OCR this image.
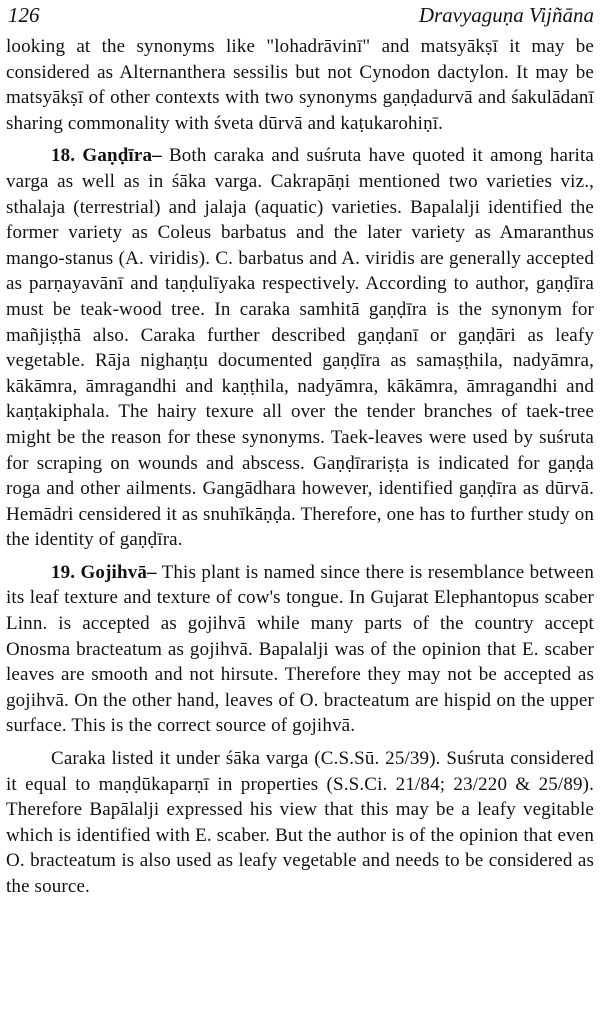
126	Dravyaguṇa Vijñāna

looking at the synonyms like "lohadrāvinī" and matsyākṣī it may be considered as Alternanthera sessilis but not Cynodon dactylon. It may be matsyākṣī of other contexts with two synonyms gaṇḍadurvā and śakulādanī sharing commonality with śveta dūrvā and kaṭukarohiṇī.

18. Gaṇḍīra– Both caraka and suśruta have quoted it among harita varga as well as in śāka varga. Cakrapāṇi mentioned two varieties viz., sthalaja (terrestrial) and jalaja (aquatic) varieties. Bapalalji identified the former variety as Coleus barbatus and the later variety as Amaranthus mango-stanus (A. viridis). C. barbatus and A. viridis are generally accepted as parṇayavānī and taṇḍulīyaka respectively. According to author, gaṇḍīra must be teak-wood tree. In caraka samhitā gaṇḍīra is the synonym for mañjiṣṭhā also. Caraka further described gaṇḍanī or gaṇḍāri as leafy vegetable. Rāja nighaṇṭu documented gaṇḍīra as samaṣṭhila, nadyāmra, kākāmra, āmragandhi and kaṇṭhila, nadyāmra, kākāmra, āmragandhi and kaṇṭakiphala. The hairy texure all over the tender branches of taek-tree might be the reason for these synonyms. Taek-leaves were used by suśruta for scraping on wounds and abscess. Gaṇḍīrariṣṭa is indicated for gaṇḍa roga and other ailments. Gangādhara however, identified gaṇḍīra as dūrvā. Hemādri censidered it as snuhīkāṇḍa. Therefore, one has to further study on the identity of gaṇḍīra.

19. Gojihvā– This plant is named since there is resemblance between its leaf texture and texture of cow's tongue. In Gujarat Elephantopus scaber Linn. is accepted as gojihvā while many parts of the country accept Onosma bracteatum as gojihvā. Bapalalji was of the opinion that E. scaber leaves are smooth and not hirsute. Therefore they may not be accepted as gojihvā. On the other hand, leaves of O. bracteatum are hispid on the upper surface. This is the correct source of gojihvā.

Caraka listed it under śāka varga (C.S.Sū. 25/39). Suśruta considered it equal to maṇḍūkaparṇī in properties (S.S.Ci. 21/84; 23/220 & 25/89). Therefore Bapālalji expressed his view that this may be a leafy vegitable which is identified with E. scaber. But the author is of the opinion that even O. bracteatum is also used as leafy vegetable and needs to be considered as the source.
